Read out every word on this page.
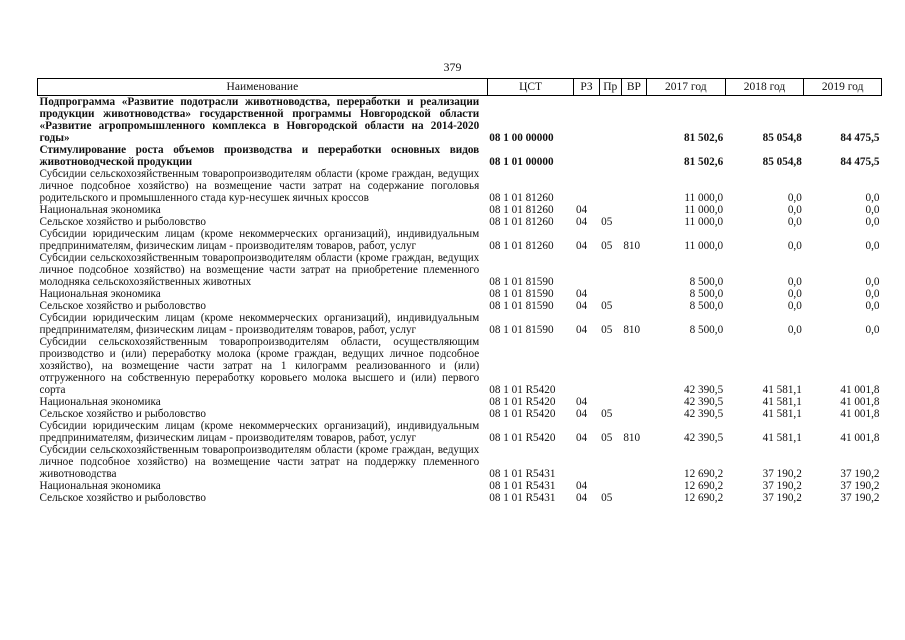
379
Наименование	ЦСТ	РЗ	Пр	ВР	2017 год	2018 год	2019 год
Подпрограмма «Развитие подотрасли животноводства, переработки и реализации продукции животноводства» государственной программы Новгородской области «Развитие агропромышленного комплекса в Новгородской области на 2014-2020 годы»	08 1 00 00000				81 502,6	85 054,8	84 475,5
Стимулирование роста объемов производства и переработки основных видов животноводческой продукции	08 1 01 00000				81 502,6	85 054,8	84 475,5
Субсидии сельскохозяйственным товаропроизводителям области (кроме граждан, ведущих личное подсобное хозяйство) на возмещение части затрат на содержание поголовья родительского и промышленного стада кур-несушек яичных кроссов	08 1 01 81260				11 000,0	0,0	0,0
Национальная экономика	08 1 01 81260	04			11 000,0	0,0	0,0
Сельское хозяйство и рыболовство	08 1 01 81260	04	05		11 000,0	0,0	0,0
Субсидии юридическим лицам (кроме некоммерческих организаций), индивидуальным предпринимателям, физическим лицам - производителям товаров, работ, услуг	08 1 01 81260	04	05	810	11 000,0	0,0	0,0
Субсидии сельскохозяйственным товаропроизводителям области (кроме граждан, ведущих личное подсобное хозяйство) на возмещение части затрат на приобретение племенного молодняка сельскохозяйственных животных	08 1 01 81590				8 500,0	0,0	0,0
Национальная экономика	08 1 01 81590	04			8 500,0	0,0	0,0
Сельское хозяйство и рыболовство	08 1 01 81590	04	05		8 500,0	0,0	0,0
Субсидии юридическим лицам (кроме некоммерческих организаций), индивидуальным предпринимателям, физическим лицам - производителям товаров, работ, услуг	08 1 01 81590	04	05	810	8 500,0	0,0	0,0
Субсидии сельскохозяйственным товаропроизводителям области, осуществляющим производство и (или) переработку молока (кроме граждан, ведущих личное подсобное хозяйство), на возмещение части затрат на 1 килограмм реализованного и (или) отгруженного на собственную переработку коровьего молока высшего и (или) первого сорта	08 1 01 R5420				42 390,5	41 581,1	41 001,8
Национальная экономика	08 1 01 R5420	04			42 390,5	41 581,1	41 001,8
Сельское хозяйство и рыболовство	08 1 01 R5420	04	05		42 390,5	41 581,1	41 001,8
Субсидии юридическим лицам (кроме некоммерческих организаций), индивидуальным предпринимателям, физическим лицам - производителям товаров, работ, услуг	08 1 01 R5420	04	05	810	42 390,5	41 581,1	41 001,8
Субсидии сельскохозяйственным товаропроизводителям области (кроме граждан, ведущих личное подсобное хозяйство) на возмещение части затрат на поддержку племенного животноводства	08 1 01 R5431				12 690,2	37 190,2	37 190,2
Национальная экономика	08 1 01 R5431	04			12 690,2	37 190,2	37 190,2
Сельское хозяйство и рыболовство	08 1 01 R5431	04	05		12 690,2	37 190,2	37 190,2
